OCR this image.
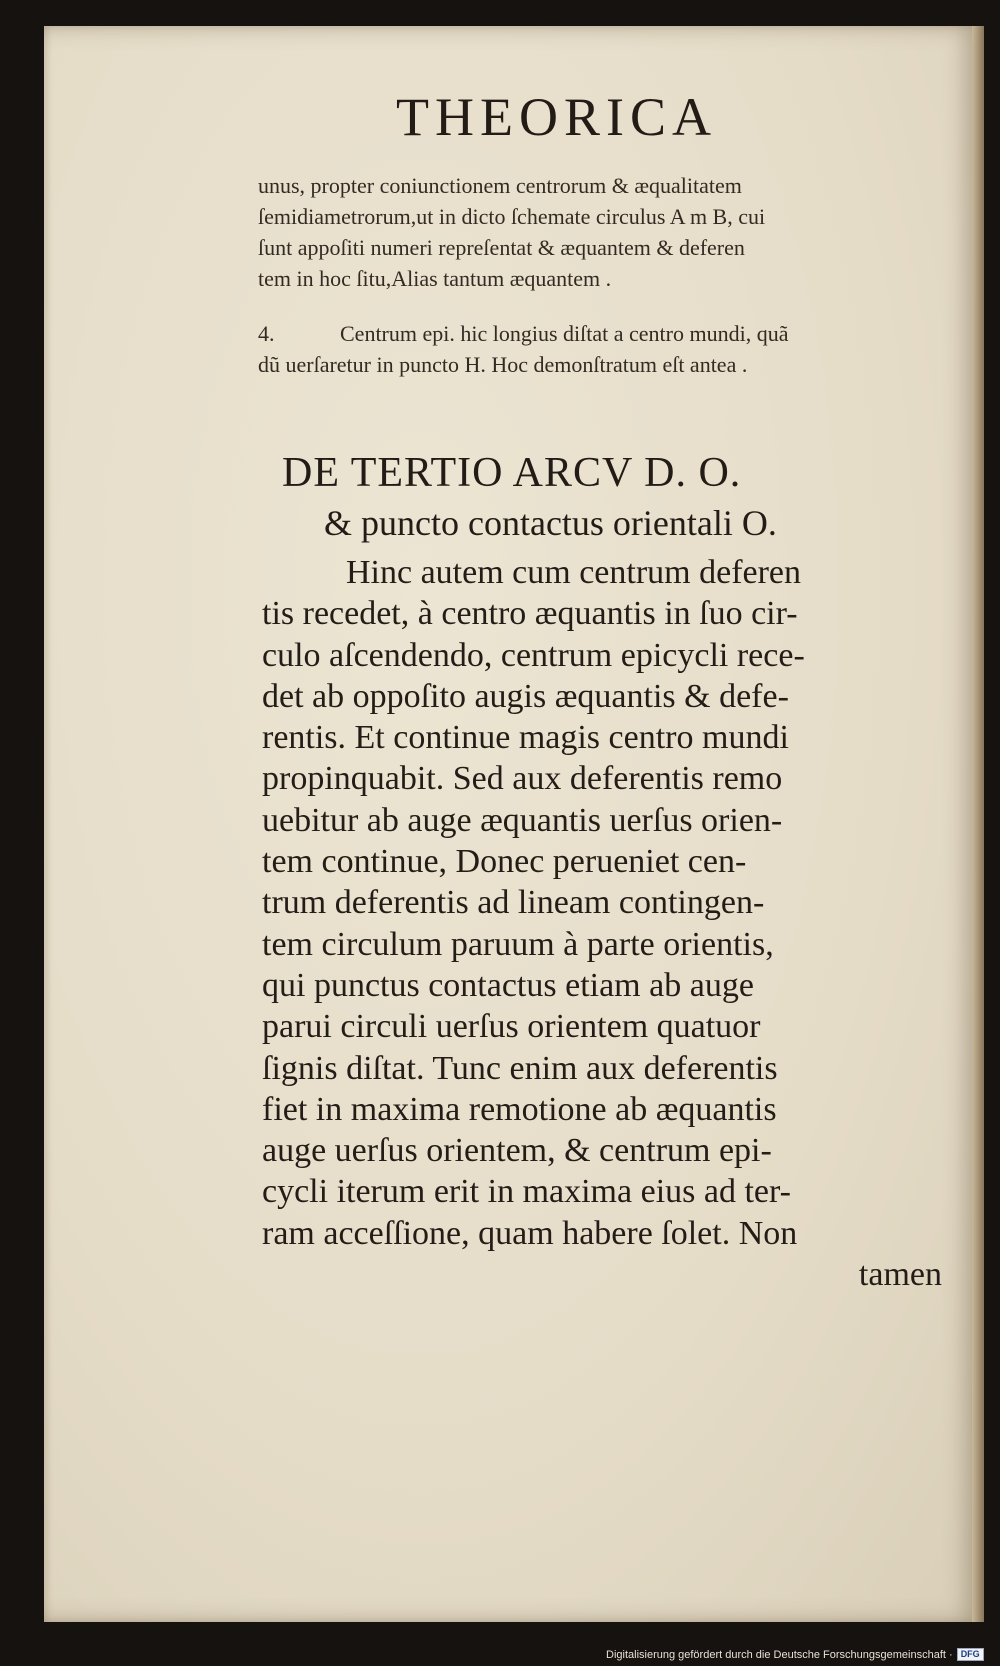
THEORICA

unus, propter coniunctionem centrorum & æqualitatem

ſemidiametrorum,ut in dicto ſchemate circulus A m B, cui

ſunt appoſiti numeri repreſentat & æquantem & deferen

tem in hoc ſitu,Alias tantum æquantem .

4.	Centrum epi. hic longius diſtat a centro mundi, quã

dũ uerſaretur in puncto H. Hoc demonſtratum eſt antea .

DE TERTIO ARCV D. O.

& puncto contactus orientali O.

Hinc autem cum centrum deferen

tis recedet, à centro æquantis in ſuo cir-

culo aſcendendo, centrum epicycli rece-

det ab oppoſito augis æquantis & defe-

rentis. Et continue magis centro mundi

propinquabit. Sed aux deferentis remo

uebitur ab auge æquantis uerſus orien-

tem continue, Donec perueniet cen-

trum deferentis ad lineam contingen-

tem circulum paruum à parte orientis,

qui punctus contactus etiam ab auge

parui circuli uerſus orientem quatuor

ſignis diſtat. Tunc enim aux deferentis

fiet in maxima remotione ab æquantis

auge uerſus orientem, & centrum epi-

cycli iterum erit in maxima eius ad ter-

ram acceſſione, quam habere ſolet. Non

tamen

Digitalisierung gefördert durch die Deutsche Forschungsgemeinschaft · DFG
